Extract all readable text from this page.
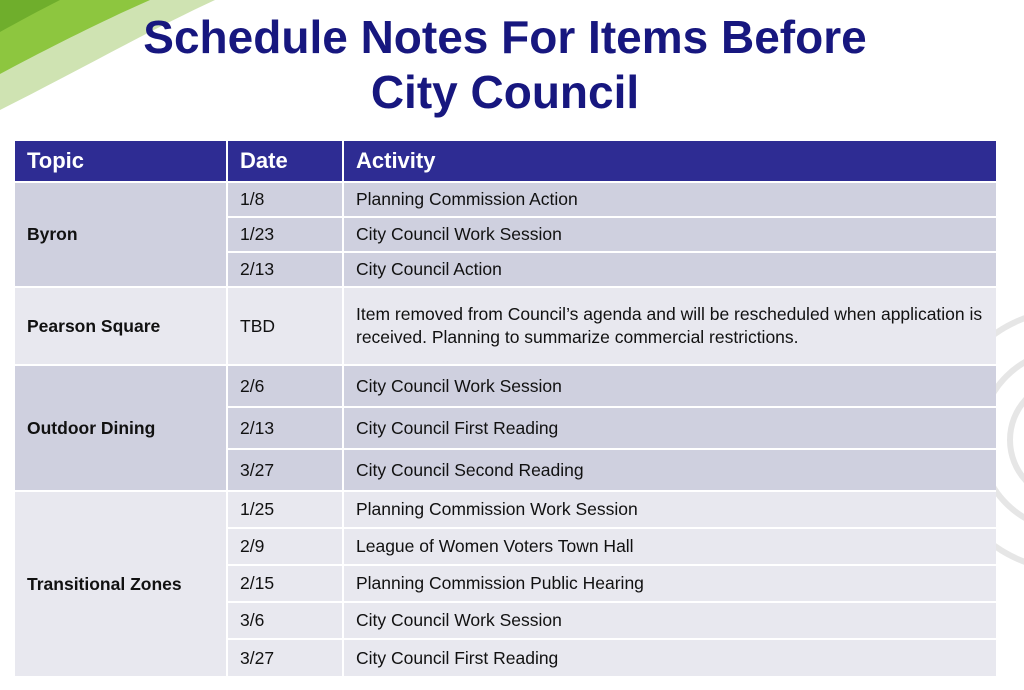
Schedule Notes For Items Before
City Council
Topic	Date	Activity
Byron	1/8	Planning Commission Action
	1/23	City Council Work Session
	2/13	City Council Action
Pearson Square	TBD	Item removed from Council’s agenda and will be rescheduled when application is received. Planning to summarize commercial restrictions.
Outdoor Dining	2/6	City Council Work Session
	2/13	City Council First Reading
	3/27	City Council Second Reading
Transitional Zones	1/25	Planning Commission Work Session
	2/9	League of Women Voters Town Hall
	2/15	Planning Commission Public Hearing
	3/6	City Council Work Session
	3/27	City Council First Reading
